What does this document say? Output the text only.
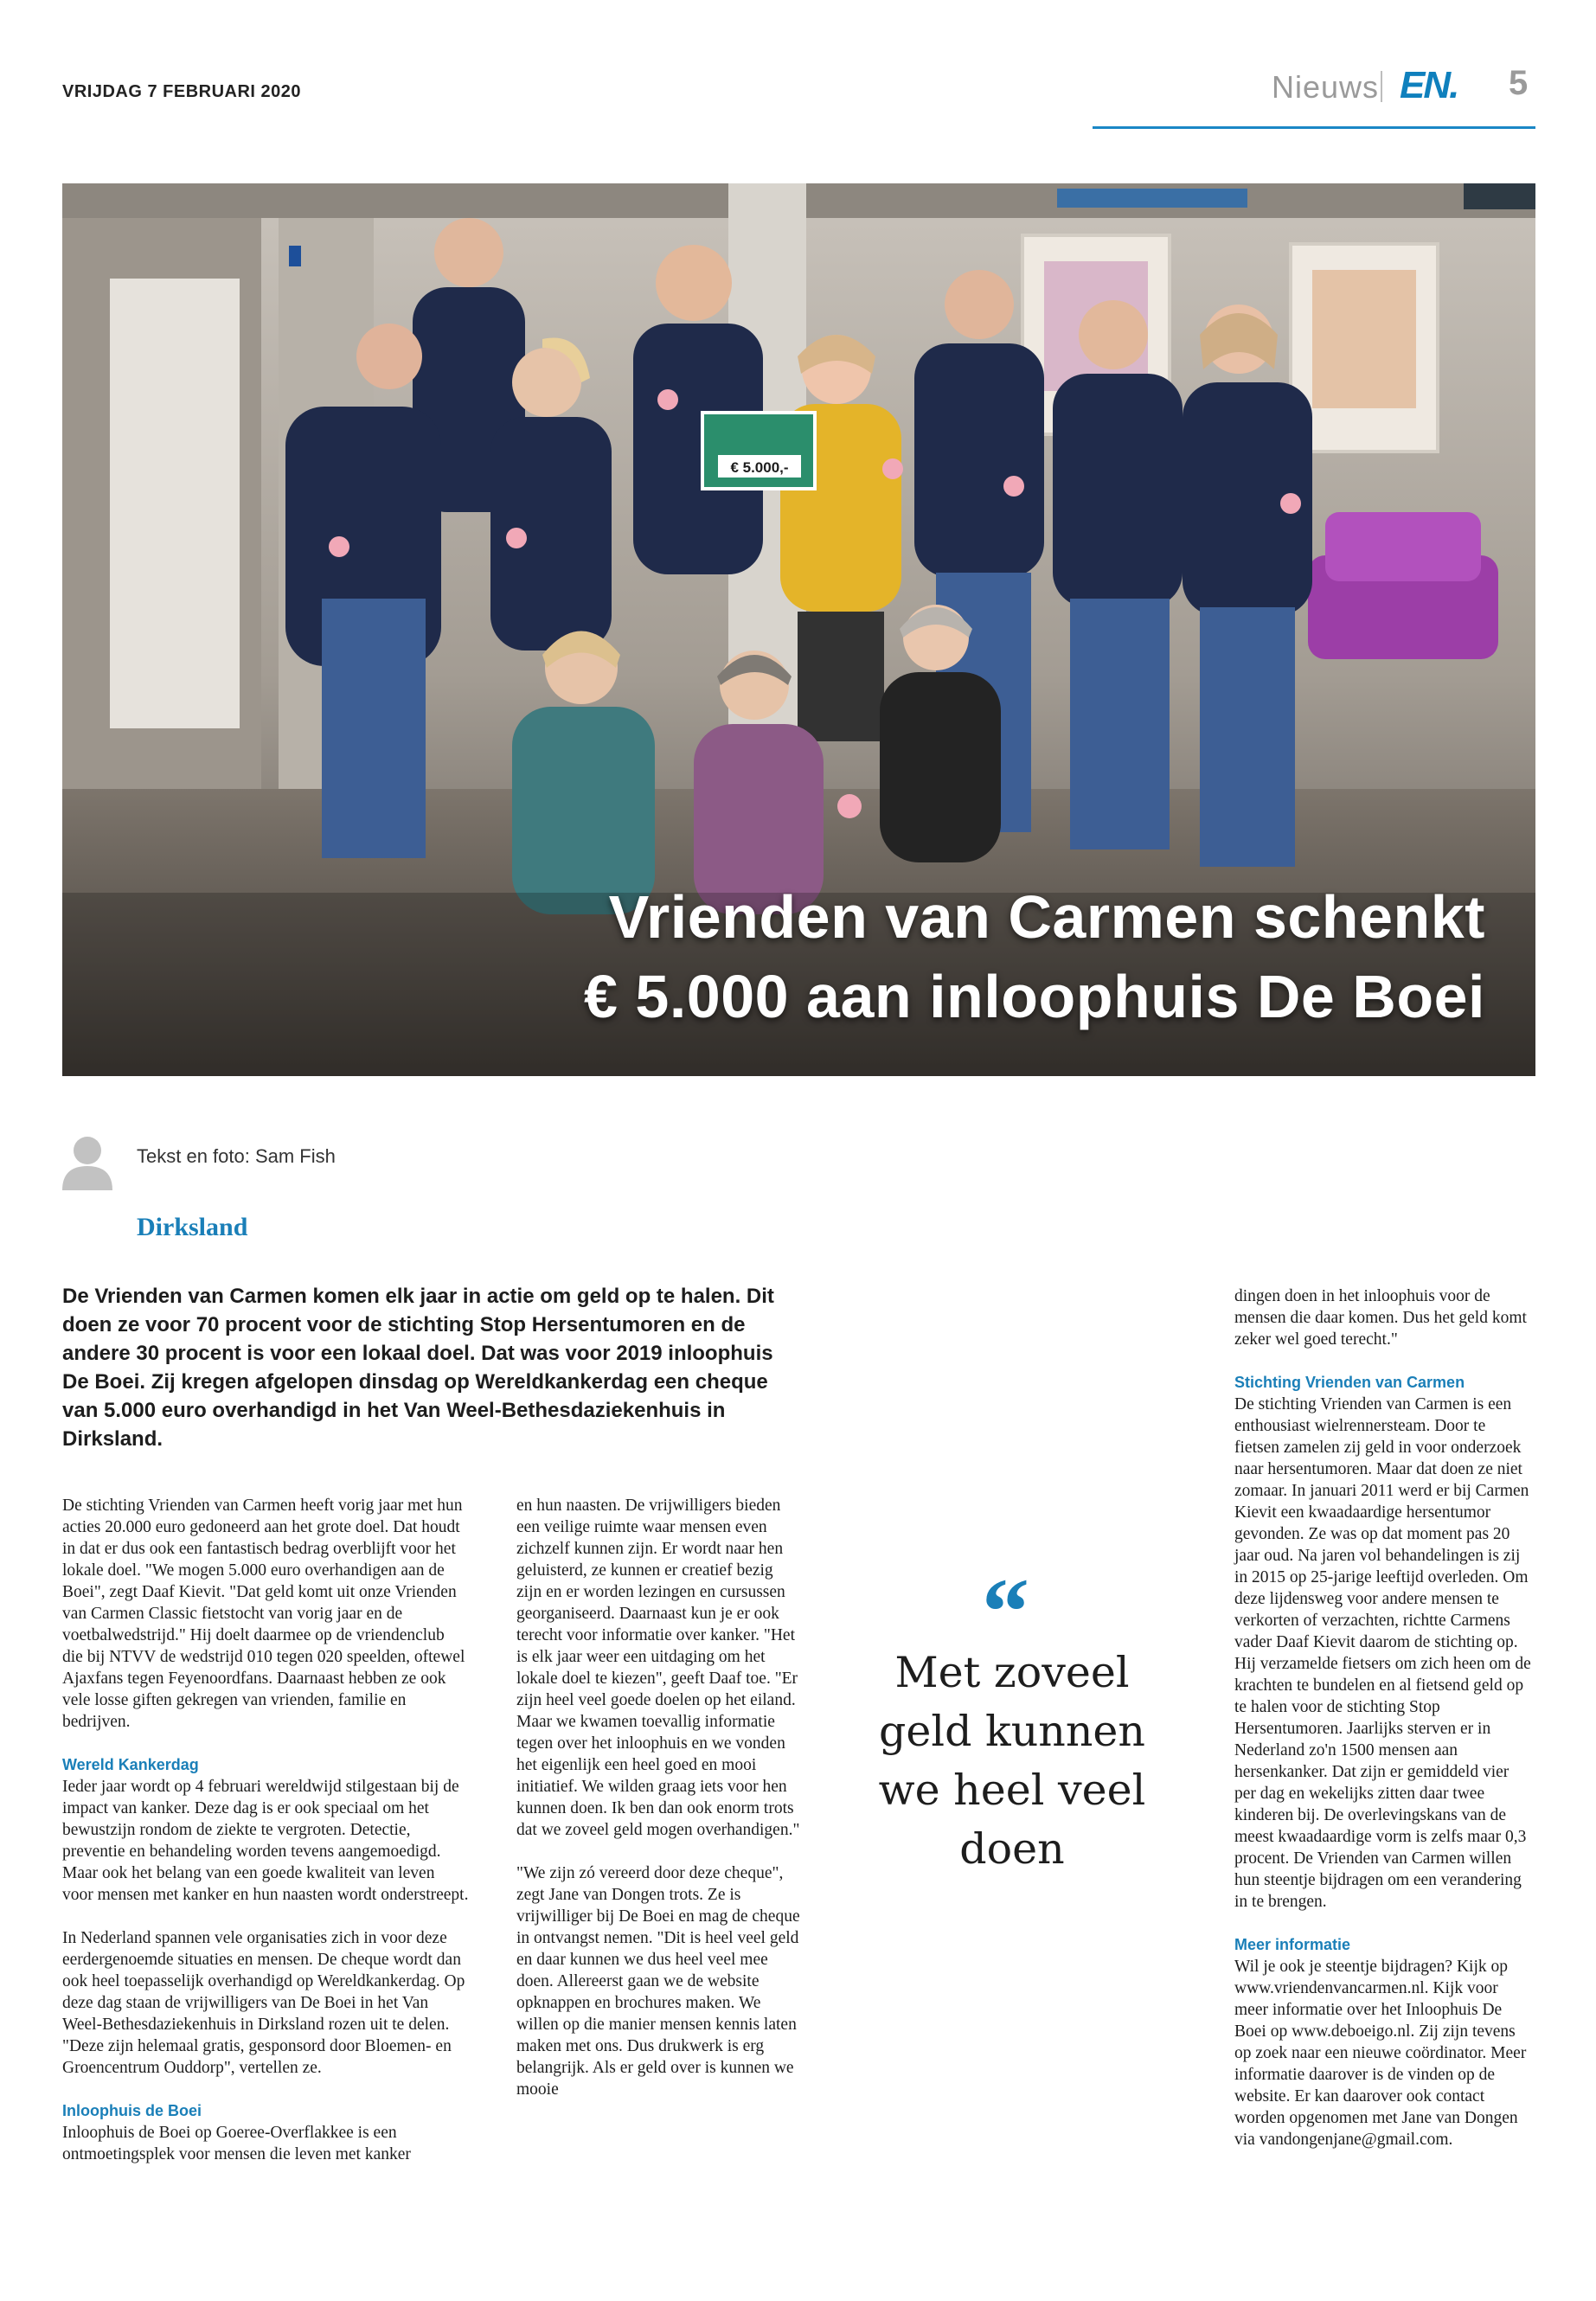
VRIJDAG 7 FEBRUARI 2020	Nieuws EN. 5
€ 5.000,-
Vrienden van Carmen schenkt
€ 5.000 aan inloophuis De Boei
Tekst en foto: Sam Fish
Dirksland
De Vrienden van Carmen komen elk jaar in actie om geld op te halen. Dit doen ze voor 70 procent voor de stichting Stop Hersentumoren en de andere 30 procent is voor een lokaal doel. Dat was voor 2019 inloophuis De Boei. Zij kregen afgelopen dinsdag op Wereldkankerdag een cheque van 5.000 euro overhandigd in het Van Weel-Bethesdaziekenhuis in Dirksland.

De stichting Vrienden van Carmen heeft vorig jaar met hun acties 20.000 euro gedoneerd aan het grote doel. Dat houdt in dat er dus ook een fantastisch bedrag overblijft voor het lokale doel. "We mogen 5.000 euro overhandigen aan de Boei", zegt Daaf Kievit. "Dat geld komt uit onze Vrienden van Carmen Classic fietstocht van vorig jaar en de voetbalwedstrijd." Hij doelt daarmee op de vriendenclub die bij NTVV de wedstrijd 010 tegen 020 speelden, oftewel Ajaxfans tegen Feyenoordfans. Daarnaast hebben ze ook vele losse giften gekregen van vrienden, familie en bedrijven.

Wereld Kankerdag

Ieder jaar wordt op 4 februari wereldwijd stilgestaan bij de impact van kanker. Deze dag is er ook speciaal om het bewustzijn rondom de ziekte te vergroten. Detectie, preventie en behandeling worden tevens aangemoedigd. Maar ook het belang van een goede kwaliteit van leven voor mensen met kanker en hun naasten wordt onderstreept.

In Nederland spannen vele organisaties zich in voor deze eerdergenoemde situaties en mensen. De cheque wordt dan ook heel toepasselijk overhandigd op Wereldkankerdag. Op deze dag staan de vrijwilligers van De Boei in het Van Weel-Bethesdaziekenhuis in Dirksland rozen uit te delen. "Deze zijn helemaal gratis, gesponsord door Bloemen- en Groencentrum Ouddorp", vertellen ze.

Inloophuis de Boei

Inloophuis de Boei op Goeree-Overflakkee is een ontmoetingsplek voor mensen die leven met kanker

en hun naasten. De vrijwilligers bieden een veilige ruimte waar mensen even zichzelf kunnen zijn. Er wordt naar hen geluisterd, ze kunnen er creatief bezig zijn en er worden lezingen en cursussen georganiseerd. Daarnaast kun je er ook terecht voor informatie over kanker. "Het is elk jaar weer een uitdaging om het lokale doel te kiezen", geeft Daaf toe. "Er zijn heel veel goede doelen op het eiland. Maar we kwamen toevallig informatie tegen over het inloophuis en we vonden het eigenlijk een heel goed en mooi initiatief. We wilden graag iets voor hen kunnen doen. Ik ben dan ook enorm trots dat we zoveel geld mogen overhandigen."

"We zijn zó vereerd door deze cheque", zegt Jane van Dongen trots. Ze is vrijwilliger bij De Boei en mag de cheque in ontvangst nemen. "Dit is heel veel geld en daar kunnen we dus heel veel mee doen. Allereerst gaan we de website opknappen en brochures maken. We willen op die manier mensen kennis laten maken met ons. Dus drukwerk is erg belangrijk. Als er geld over is kunnen we mooie

“
Met zoveel geld kunnen we heel veel doen

dingen doen in het inloophuis voor de mensen die daar komen. Dus het geld komt zeker wel goed terecht."

Stichting Vrienden van Carmen

De stichting Vrienden van Carmen is een enthousiast wielrennersteam. Door te fietsen zamelen zij geld in voor onderzoek naar hersentumoren. Maar dat doen ze niet zomaar. In januari 2011 werd er bij Carmen Kievit een kwaadaardige hersentumor gevonden. Ze was op dat moment pas 20 jaar oud. Na jaren vol behandelingen is zij in 2015 op 25-jarige leeftijd overleden. Om deze lijdensweg voor andere mensen te verkorten of verzachten, richtte Carmens vader Daaf Kievit daarom de stichting op. Hij verzamelde fietsers om zich heen om de krachten te bundelen en al fietsend geld op te halen voor de stichting Stop Hersentumoren. Jaarlijks sterven er in Nederland zo'n 1500 mensen aan hersenkanker. Dat zijn er gemiddeld vier per dag en wekelijks zitten daar twee kinderen bij. De overlevingskans van de meest kwaadaardige vorm is zelfs maar 0,3 procent. De Vrienden van Carmen willen hun steentje bijdragen om een verandering in te brengen.

Meer informatie

Wil je ook je steentje bijdragen? Kijk op www.vriendenvancarmen.nl. Kijk voor meer informatie over het Inloophuis De Boei op www.deboeigo.nl. Zij zijn tevens op zoek naar een nieuwe coördinator. Meer informatie daarover is de vinden op de website. Er kan daarover ook contact worden opgenomen met Jane van Dongen via vandongenjane@gmail.com.
